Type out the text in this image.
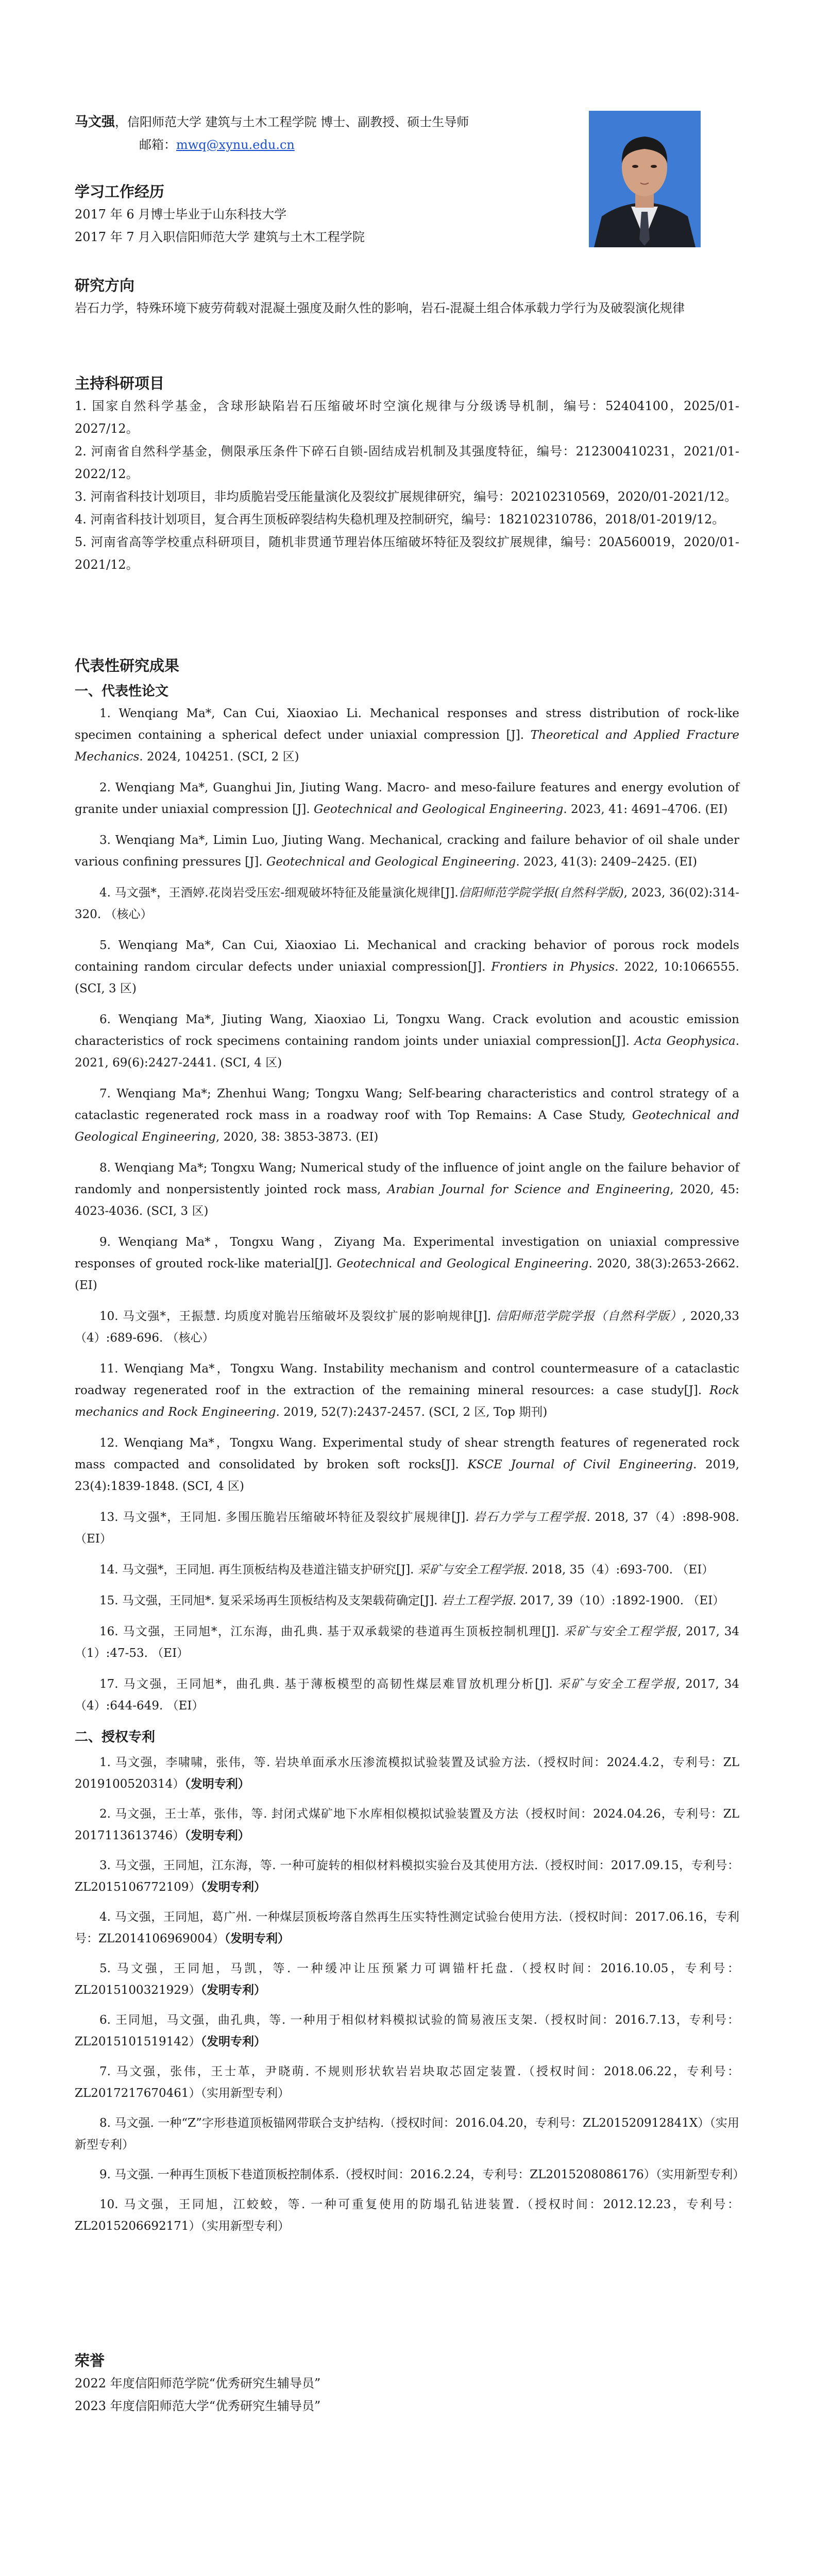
马文强，信阳师范大学 建筑与土木工程学院 博士、副教授、硕士生导师
邮箱：mwq@xynu.edu.cn
学习工作经历
2017 年 6 月博士毕业于山东科技大学
2017 年 7 月入职信阳师范大学 建筑与土木工程学院
研究方向
岩石力学，特殊环境下疲劳荷载对混凝土强度及耐久性的影响，岩石-混凝土组合体承载力学行为及破裂演化规律
主持科研项目
1. 国家自然科学基金，含球形缺陷岩石压缩破坏时空演化规律与分级诱导机制，编号：52404100，2025/01-2027/12。
2. 河南省自然科学基金，侧限承压条件下碎石自锁-固结成岩机制及其强度特征，编号：212300410231，2021/01-2022/12。
3. 河南省科技计划项目，非均质脆岩受压能量演化及裂纹扩展规律研究，编号：202102310569，2020/01-2021/12。
4. 河南省科技计划项目，复合再生顶板碎裂结构失稳机理及控制研究，编号：182102310786，2018/01-2019/12。
5. 河南省高等学校重点科研项目，随机非贯通节理岩体压缩破坏特征及裂纹扩展规律，编号：20A560019，2020/01-2021/12。
代表性研究成果
一、代表性论文
1. Wenqiang Ma*, Can Cui, Xiaoxiao Li. Mechanical responses and stress distribution of rock-like specimen containing a spherical defect under uniaxial compression [J]. Theoretical and Applied Fracture Mechanics. 2024, 104251. (SCI, 2 区)
2. Wenqiang Ma*, Guanghui Jin, Jiuting Wang. Macro- and meso-failure features and energy evolution of granite under uniaxial compression [J]. Geotechnical and Geological Engineering. 2023, 41: 4691–4706. (EI)
3. Wenqiang Ma*, Limin Luo, Jiuting Wang. Mechanical, cracking and failure behavior of oil shale under various confining pressures [J]. Geotechnical and Geological Engineering. 2023, 41(3): 2409–2425. (EI)
4. 马文强*，王酒婷.花岗岩受压宏-细观破坏特征及能量演化规律[J].信阳师范学院学报(自然科学版), 2023, 36(02):314-320. （核心）
5. Wenqiang Ma*, Can Cui, Xiaoxiao Li. Mechanical and cracking behavior of porous rock models containing random circular defects under uniaxial compression[J]. Frontiers in Physics. 2022, 10:1066555. (SCI, 3 区)
6. Wenqiang Ma*, Jiuting Wang, Xiaoxiao Li, Tongxu Wang. Crack evolution and acoustic emission characteristics of rock specimens containing random joints under uniaxial compression[J]. Acta Geophysica. 2021, 69(6):2427-2441. (SCI, 4 区)
7. Wenqiang Ma*; Zhenhui Wang; Tongxu Wang; Self-bearing characteristics and control strategy of a cataclastic regenerated rock mass in a roadway roof with Top Remains: A Case Study, Geotechnical and Geological Engineering, 2020, 38: 3853-3873. (EI)
8. Wenqiang Ma*; Tongxu Wang; Numerical study of the influence of joint angle on the failure behavior of randomly and nonpersistently jointed rock mass, Arabian Journal for Science and Engineering, 2020, 45: 4023-4036. (SCI, 3 区)
9. Wenqiang Ma*，Tongxu Wang，Ziyang Ma. Experimental investigation on uniaxial compressive responses of grouted rock-like material[J]. Geotechnical and Geological Engineering. 2020, 38(3):2653-2662. (EI)
10. 马文强*，王振慧. 均质度对脆岩压缩破坏及裂纹扩展的影响规律[J]. 信阳师范学院学报（自然科学版）, 2020,33（4）:689-696. （核心）
11. Wenqiang Ma*，Tongxu Wang. Instability mechanism and control countermeasure of a cataclastic roadway regenerated roof in the extraction of the remaining mineral resources: a case study[J]. Rock mechanics and Rock Engineering. 2019, 52(7):2437-2457. (SCI, 2 区, Top 期刊)
12. Wenqiang Ma*，Tongxu Wang. Experimental study of shear strength features of regenerated rock mass compacted and consolidated by broken soft rocks[J]. KSCE Journal of Civil Engineering. 2019, 23(4):1839-1848. (SCI, 4 区)
13. 马文强*，王同旭. 多围压脆岩压缩破坏特征及裂纹扩展规律[J]. 岩石力学与工程学报. 2018, 37（4）:898-908.（EI）
14. 马文强*，王同旭. 再生顶板结构及巷道注锚支护研究[J]. 采矿与安全工程学报. 2018, 35（4）:693-700. （EI）
15. 马文强，王同旭*. 复采采场再生顶板结构及支架载荷确定[J]. 岩土工程学报. 2017, 39（10）:1892-1900. （EI）
16. 马文强，王同旭*，江东海，曲孔典. 基于双承载梁的巷道再生顶板控制机理[J]. 采矿与安全工程学报, 2017, 34（1）:47-53. （EI）
17. 马文强，王同旭*，曲孔典. 基于薄板模型的高韧性煤层难冒放机理分析[J]. 采矿与安全工程学报, 2017, 34（4）:644-649. （EI）
二、授权专利
1. 马文强，李啸啸，张伟，等. 岩块单面承水压渗流模拟试验装置及试验方法.（授权时间：2024.4.2，专利号：ZL 201910052031​4）（发明专利）
2. 马文强，王士革，张伟，等. 封闭式煤矿地下水库相似模拟试验装置及方法（授权时间：2024.04.26，专利号：ZL 2017113613746）（发明专利）
3. 马文强，王同旭，江东海，等. 一种可旋转的相似材料模拟实验台及其使用方法.（授权时间：2017.09.15，专利号：ZL2015106772109）（发明专利）
4. 马文强，王同旭，葛广州. 一种煤层顶板垮落自然再生压实特性测定试验台使用方法.（授权时间：2017.06.16，专利号：ZL2014106969004）（发明专利）
5. 马文强，王同旭，马凯，等. 一种缓冲让压预紧力可调锚杆托盘.（授权时间：2016.10.05，专利号：ZL2015100321929）（发明专利）
6. 王同旭，马文强，曲孔典，等. 一种用于相似材料模拟试验的简易液压支架.（授权时间：2016.7.13，专利号：ZL2015101519142）（发明专利）
7. 马文强，张伟，王士革，尹晓萌. 不规则形状软岩岩块取芯固定装置.（授权时间：2018.06.22，专利号：ZL2017217670461）（实用新型专利）
8. 马文强. 一种“Z”字形巷道顶板锚网带联合支护结构.（授权时间：2016.04.20，专利号：ZL2015209128​41X）（实用新型专利）
9. 马文强. 一种再生顶板下巷道顶板控制体系.（授权时间：2016.2.24，专利号：ZL2015208086176）（实用新型专利）
10. 马文强，王同旭，江蛟蛟，等. 一种可重复使用的防塌孔钻进装置.（授权时间：2012.12.23，专利号：ZL2015206692171）（实用新型专利）
荣誉
2022 年度信阳师范学院“优秀研究生辅导员”
2023 年度信阳师范大学“优秀研究生辅导员”
